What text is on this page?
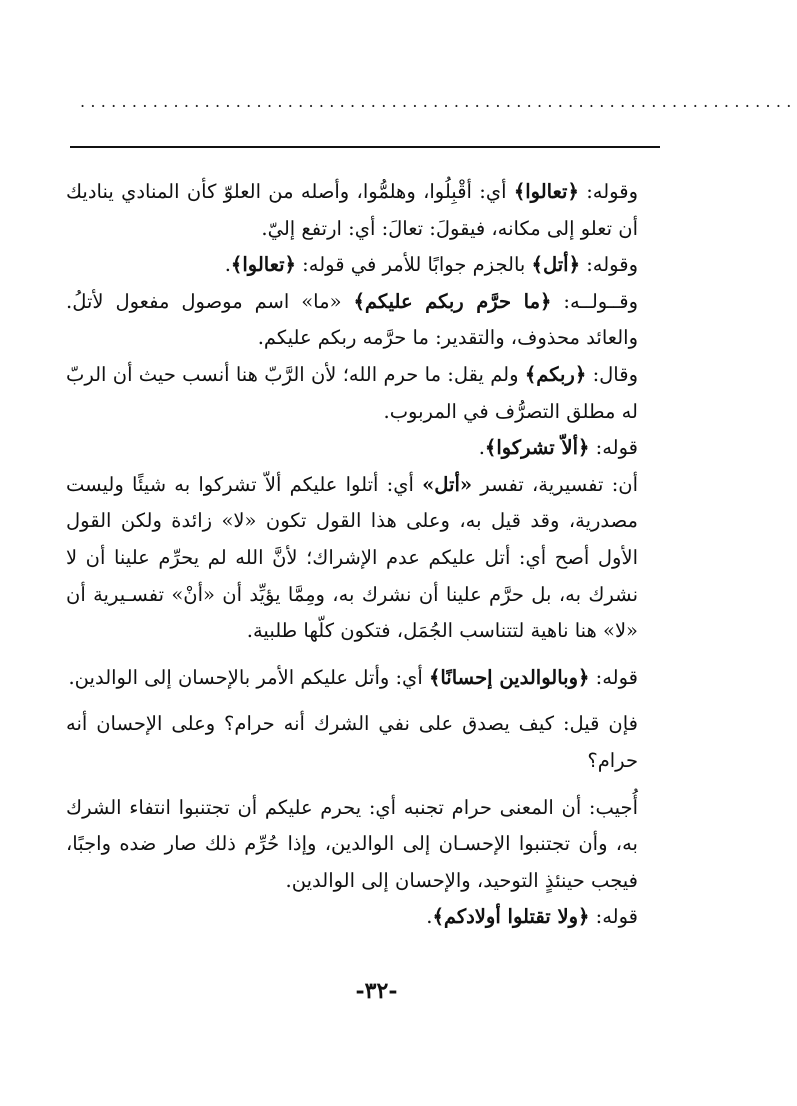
.....................................................................

وقوله: ﴿تعالوا﴾ أي: أقْبِلُوا، وهلمُّوا، وأصله من العلوّ كأن المنادي يناديك أن تعلو إلى مكانه، فيقولَ: تعالَ: أي: ارتفع إليّ.

وقوله: ﴿أتل﴾ بالجزم جوابًا للأمر في قوله: ﴿تعالوا﴾.

وقــولــه: ﴿ما حرَّم ربكم عليكم﴾ «ما» اسم موصول مفعول لأتلُ. والعائد محذوف، والتقدير: ما حرَّمه ربكم عليكم.

وقال: ﴿ربكم﴾ ولم يقل: ما حرم الله؛ لأن الرَّبّ هنا أنسب حيث أن الربّ له مطلق التصرُّف في المربوب.

قوله: ﴿ألاّ تشركوا﴾.

أن: تفسيرية، تفسر «أتل» أي: أتلوا عليكم ألاّ تشركوا به شيئًا وليست مصدرية، وقد قيل به، وعلى هذا القول تكون «لا» زائدة ولكن القول الأول أصح أي: أتل عليكم عدم الإشراك؛ لأنَّ الله لم يحرِّم علينا أن لا نشرك به، بل حرَّم علينا أن نشرك به، ومِمَّا يؤيِّد أن «أنْ» تفسـيرية أن «لا» هنا ناهية لتتناسب الجُمَل، فتكون كلّها طلبية.

قوله: ﴿وبالوالدين إحسانًا﴾ أي: وأتل عليكم الأمر بالإحسان إلى الوالدين.

فإن قيل: كيف يصدق على نفي الشرك أنه حرام؟ وعلى الإحسان أنه حرام؟

أُجيب: أن المعنى حرام تجنبه أي: يحرم عليكم أن تجتنبوا انتفاء الشرك به، وأن تجتنبوا الإحسـان إلى الوالدين، وإذا حُرِّم ذلك صار ضده واجبًا، فيجب حينئذٍ التوحيد، والإحسان إلى الوالدين.

قوله: ﴿ولا تقتلوا أولادكم﴾.

-٣٢-
